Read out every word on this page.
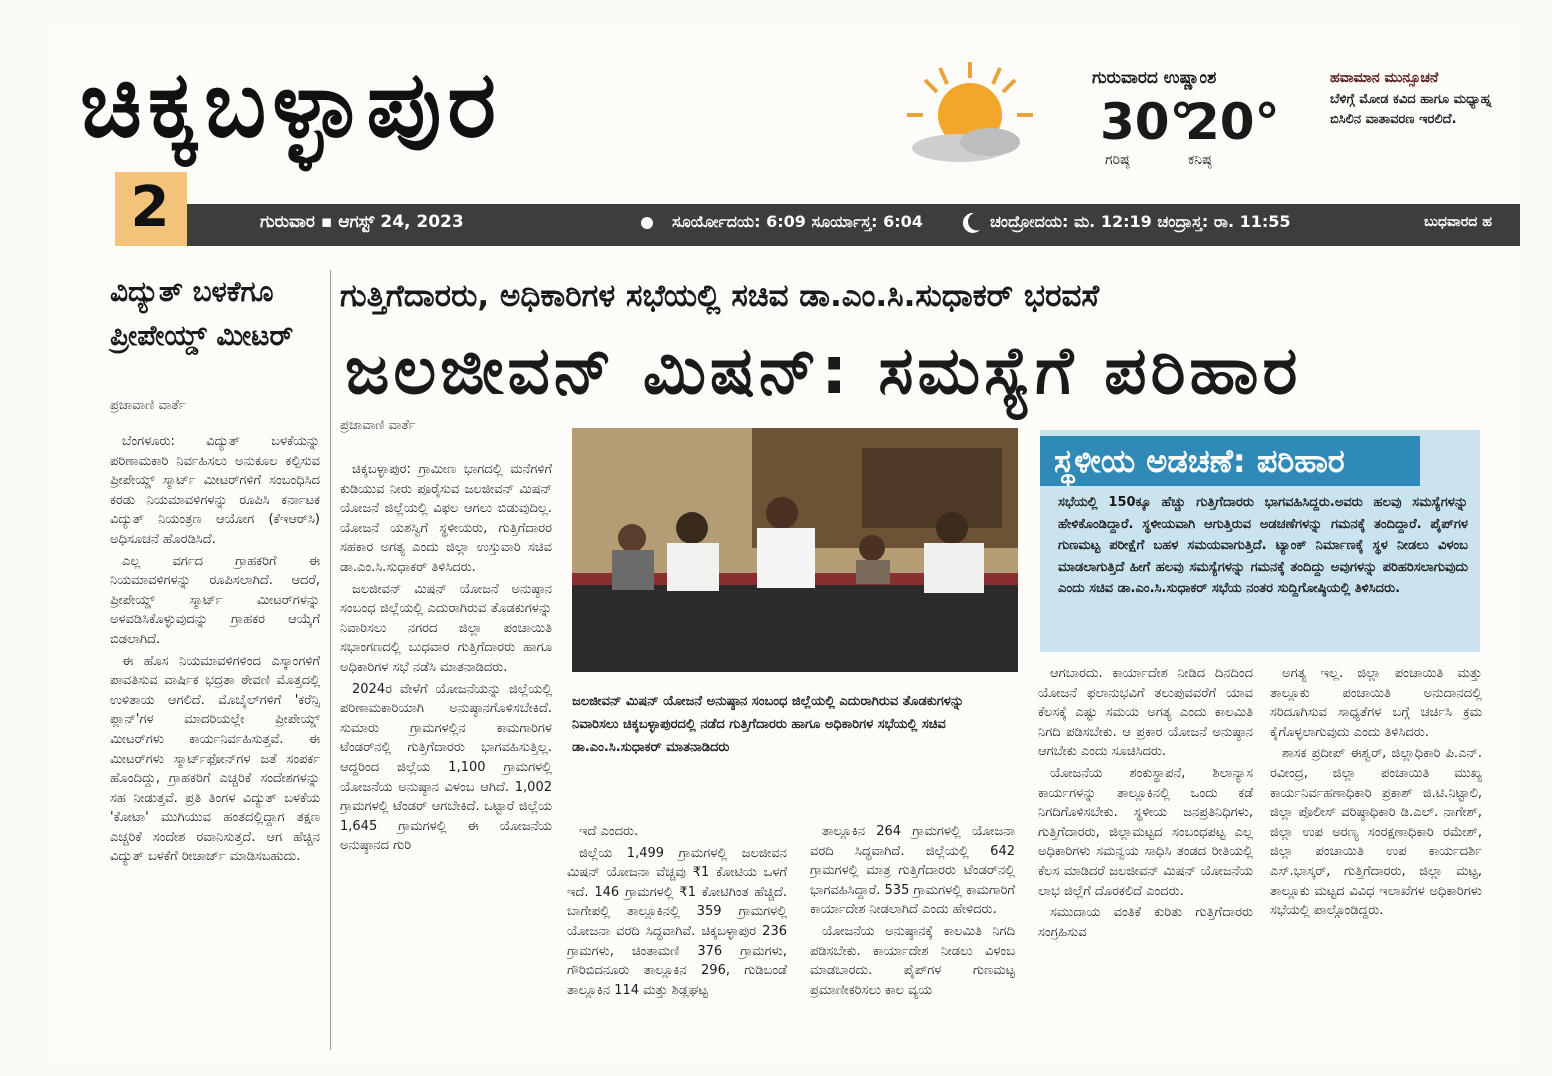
ಚಿಕ್ಕಬಳ್ಳಾಪುರ	ಗುರುವಾರದ ಉಷ್ಣಾಂಶ
30°
20°
ಗರಿಷ್ಠ	ಕನಿಷ್ಠ
ಹವಾಮಾನ ಮುನ್ಸೂಚನೆ
ಬೆಳಿಗ್ಗೆ ಮೋಡ ಕವಿದ ಹಾಗೂ ಮಧ್ಯಾಹ್ನ ಬಿಸಿಲಿನ ವಾತಾವರಣ ಇರಲಿದೆ.
2	ಗುರುವಾರ ▪ ಆಗಸ್ಟ್ 24, 2023	ಸೂರ್ಯೋದಯ: 6:09 ಸೂರ್ಯಾಸ್ತ: 6:04	ಚಂದ್ರೋದಯ: ಮ. 12:19 ಚಂದ್ರಾಸ್ತ: ರಾ. 11:55	ಬುಧವಾರದ ಹ
ವಿದ್ಯುತ್ ಬಳಕೆಗೂ ಪ್ರೀಪೇಯ್ಡ್ ಮೀಟರ್
ಪ್ರಜಾವಾಣಿ ವಾರ್ತೆ

ಬೆಂಗಳೂರು: ವಿದ್ಯುತ್ ಬಳಕೆಯನ್ನು ಪರಿಣಾಮಕಾರಿ ನಿರ್ವಹಿಸಲು ಅನುಕೂಲ ಕಲ್ಪಿಸುವ ಪ್ರೀಪೇಯ್ಡ್ ಸ್ಮಾರ್ಟ್ ಮೀಟರ್‌ಗಳಿಗೆ ಸಂಬಂಧಿಸಿದ ಕರಡು ನಿಯಮಾವಳಿಗಳನ್ನು ರೂಪಿಸಿ ಕರ್ನಾಟಕ ವಿದ್ಯುತ್ ನಿಯಂತ್ರಣ ಆಯೋಗ (ಕೆಇಆರ್‌ಸಿ) ಅಧಿಸೂಚನೆ ಹೊರಡಿಸಿದೆ.

ಎಲ್ಲ ವರ್ಗದ ಗ್ರಾಹಕರಿಗೆ ಈ ನಿಯಮಾವಳಿಗಳನ್ನು ರೂಪಿಸಲಾಗಿದೆ. ಆದರೆ, ಪ್ರೀಪೇಯ್ಡ್ ಸ್ಮಾರ್ಟ್ ಮೀಟರ್‌ಗಳನ್ನು ಅಳವಡಿಸಿಕೊಳ್ಳುವುದನ್ನು ಗ್ರಾಹಕರ ಆಯ್ಕೆಗೆ ಬಿಡಲಾಗಿದೆ.

ಈ ಹೊಸ ನಿಯಮಾವಳಿಗಳಿಂದ ಎಸ್ಕಾಂಗಳಿಗೆ ಪಾವತಿಸುವ ವಾರ್ಷಿಕ ಭದ್ರತಾ ಠೇವಣಿ ಮೊತ್ತದಲ್ಲಿ ಉಳಿತಾಯ ಆಗಲಿದೆ. ಮೊಬೈಲ್‌ಗಳಿಗೆ 'ಕರೆನ್ಸಿ ಪ್ಲಾನ್'ಗಳ ಮಾದರಿಯಲ್ಲೇ ಪ್ರೀಪೇಯ್ಡ್ ಮೀಟರ್‌ಗಳು ಕಾರ್ಯನಿರ್ವಹಿಸುತ್ತವೆ. ಈ ಮೀಟರ್‌ಗಳು ಸ್ಮಾರ್ಟ್‌ಫೋನ್‌ಗಳ ಜತೆ ಸಂಪರ್ಕ ಹೊಂದಿದ್ದು, ಗ್ರಾಹಕರಿಗೆ ಎಚ್ಚರಿಕೆ ಸಂದೇಶಗಳನ್ನು ಸಹ ನೀಡುತ್ತವೆ. ಪ್ರತಿ ತಿಂಗಳ ವಿದ್ಯುತ್ ಬಳಕೆಯ 'ಕೋಟಾ' ಮುಗಿಯುವ ಹಂತದಲ್ಲಿದ್ದಾಗ ತಕ್ಷಣ ಎಚ್ಚರಿಕೆ ಸಂದೇಶ ರವಾನಿಸುತ್ತದೆ. ಆಗ ಹೆಚ್ಚಿನ ವಿದ್ಯುತ್ ಬಳಕೆಗೆ ರೀಚಾರ್ಜ್ ಮಾಡಿಸಬಹುದು.

ಗುತ್ತಿಗೆದಾರರು, ಅಧಿಕಾರಿಗಳ ಸಭೆಯಲ್ಲಿ ಸಚಿವ ಡಾ.ಎಂ.ಸಿ.ಸುಧಾಕರ್ ಭರವಸೆ
ಜಲಜೀವನ್ ಮಿಷನ್: ಸಮಸ್ಯೆಗೆ ಪರಿಹಾರ
ಪ್ರಜಾವಾಣಿ ವಾರ್ತೆ

ಚಿಕ್ಕಬಳ್ಳಾಪುರ: ಗ್ರಾಮೀಣ ಭಾಗದಲ್ಲಿ ಮನೆಗಳಿಗೆ ಕುಡಿಯುವ ನೀರು ಪೂರೈಸುವ ಜಲಜೀವನ್ ಮಿಷನ್ ಯೋಜನೆ ಜಿಲ್ಲೆಯಲ್ಲಿ ವಿಫಲ ಆಗಲು ಬಿಡುವುದಿಲ್ಲ. ಯೋಜನೆ ಯಶಸ್ವಿಗೆ ಸ್ಥಳೀಯರು, ಗುತ್ತಿಗೆದಾರರ ಸಹಕಾರ ಅಗತ್ಯ ಎಂದು ಜಿಲ್ಲಾ ಉಸ್ತುವಾರಿ ಸಚಿವ ಡಾ.ಎಂ.ಸಿ.ಸುಧಾಕರ್ ತಿಳಿಸಿದರು.

ಜಲಜೀವನ್ ಮಿಷನ್ ಯೋಜನೆ ಅನುಷ್ಠಾನ ಸಂಬಂಧ ಜಿಲ್ಲೆಯಲ್ಲಿ ಎದುರಾಗಿರುವ ತೊಡಕುಗಳನ್ನು ನಿವಾರಿಸಲು ನಗರದ ಜಿಲ್ಲಾ ಪಂಚಾಯಿತಿ ಸಭಾಂಗಣದಲ್ಲಿ ಬುಧವಾರ ಗುತ್ತಿಗೆದಾರರು ಹಾಗೂ ಅಧಿಕಾರಿಗಳ ಸಭೆ ನಡೆಸಿ ಮಾತನಾಡಿದರು.

2024ರ ವೇಳೆಗೆ ಯೋಜನೆಯನ್ನು ಜಿಲ್ಲೆಯಲ್ಲಿ ಪರಿಣಾಮಕಾರಿಯಾಗಿ ಅನುಷ್ಠಾನಗೊಳಿಸಬೇಕಿದೆ. ಸುಮಾರು ಗ್ರಾಮಗಳಲ್ಲಿನ ಕಾಮಗಾರಿಗಳ ಟೆಂಡರ್‌ನಲ್ಲಿ ಗುತ್ತಿಗೆದಾರರು ಭಾಗವಹಿಸುತ್ತಿಲ್ಲ. ಆದ್ದರಿಂದ ಜಿಲ್ಲೆಯ 1,100 ಗ್ರಾಮಗಳಲ್ಲಿ ಯೋಜನೆಯ ಅನುಷ್ಠಾನ ವಿಳಂಬ ಆಗಿದೆ. 1,002 ಗ್ರಾಮಗಳಲ್ಲಿ ಟೆಂಡರ್ ಆಗಬೇಕಿದೆ. ಒಟ್ಟಾರೆ ಜಿಲ್ಲೆಯ 1,645 ಗ್ರಾಮಗಳಲ್ಲಿ ಈ ಯೋಜನೆಯ ಅನುಷ್ಠಾನದ ಗುರಿ

ಜಲಜೀವನ್ ಮಿಷನ್ ಯೋಜನೆ ಅನುಷ್ಠಾನ ಸಂಬಂಧ ಜಿಲ್ಲೆಯಲ್ಲಿ ಎದುರಾಗಿರುವ ತೊಡಕುಗಳನ್ನು ನಿವಾರಿಸಲು ಚಿಕ್ಕಬಳ್ಳಾಪುರದಲ್ಲಿ ನಡೆದ ಗುತ್ತಿಗೆದಾರರು ಹಾಗೂ ಅಧಿಕಾರಿಗಳ ಸಭೆಯಲ್ಲಿ ಸಚಿವ ಡಾ.ಎಂ.ಸಿ.ಸುಧಾಕರ್ ಮಾತನಾಡಿದರು

ಇದೆ ಎಂದರು.

ಜಿಲ್ಲೆಯ 1,499 ಗ್ರಾಮಗಳಲ್ಲಿ ಜಲಜೀವನ ಮಿಷನ್ ಯೋಜನಾ ವೆಚ್ಚವು ₹1 ಕೋಟಿಯ ಒಳಗೆ ಇದೆ. 146 ಗ್ರಾಮಗಳಲ್ಲಿ ₹1 ಕೋಟಿಗಿಂತ ಹೆಚ್ಚಿದೆ. ಬಾಗೇಪಲ್ಲಿ ತಾಲ್ಲೂಕಿನಲ್ಲಿ 359 ಗ್ರಾಮಗಳಲ್ಲಿ ಯೋಜನಾ ವರದಿ ಸಿದ್ಧವಾಗಿವೆ. ಚಿಕ್ಕಬಳ್ಳಾಪುರ 236 ಗ್ರಾಮಗಳು, ಚಿಂತಾಮಣಿ 376 ಗ್ರಾಮಗಳು, ಗೌರಿಬಿದನೂರು ತಾಲ್ಲೂಕಿನ 296, ಗುಡಿಬಂಡೆ ತಾಲ್ಲೂಕಿನ 114 ಮತ್ತು ಶಿಡ್ಲಘಟ್ಟ

ತಾಲ್ಲೂಕಿನ 264 ಗ್ರಾಮಗಳಲ್ಲಿ ಯೋಜನಾ ವರದಿ ಸಿದ್ಧವಾಗಿದೆ. ಜಿಲ್ಲೆಯಲ್ಲಿ 642 ಗ್ರಾಮಗಳಲ್ಲಿ ಮಾತ್ರ ಗುತ್ತಿಗೆದಾರರು ಟೆಂಡರ್‌ನಲ್ಲಿ ಭಾಗವಹಿಸಿದ್ದಾರೆ. 535 ಗ್ರಾಮಗಳಲ್ಲಿ ಕಾಮಗಾರಿಗೆ ಕಾರ್ಯಾದೇಶ ನೀಡಲಾಗಿದೆ ಎಂದು ಹೇಳಿದರು.

ಯೋಜನೆಯ ಅನುಷ್ಠಾನಕ್ಕೆ ಕಾಲಮಿತಿ ನಿಗದಿ ಪಡಿಸಬೇಕು. ಕಾರ್ಯಾದೇಶ ನೀಡಲು ವಿಳಂಬ ಮಾಡಬಾರದು. ಪೈಪ್‌ಗಳ ಗುಣಮಟ್ಟ ಪ್ರಮಾಣೀಕರಿಸಲು ಕಾಲ ವ್ಯಯ

ಸ್ಥಳೀಯ ಅಡಚಣೆ: ಪರಿಹಾರ
ಸಭೆಯಲ್ಲಿ 150ಕ್ಕೂ ಹೆಚ್ಚು ಗುತ್ತಿಗೆದಾರರು ಭಾಗವಹಿಸಿದ್ದರು.ಅವರು ಹಲವು ಸಮಸ್ಯೆಗಳನ್ನು ಹೇಳಿಕೊಂಡಿದ್ದಾರೆ. ಸ್ಥಳೀಯವಾಗಿ ಆಗುತ್ತಿರುವ ಅಡಚಣೆಗಳನ್ನು ಗಮನಕ್ಕೆ ತಂದಿದ್ದಾರೆ. ಪೈಪ್‌ಗಳ ಗುಣಮಟ್ಟ ಪರೀಕ್ಷೆಗೆ ಬಹಳ ಸಮಯವಾಗುತ್ತಿದೆ. ಟ್ಯಾಂಕ್ ನಿರ್ಮಾಣಕ್ಕೆ ಸ್ಥಳ ನೀಡಲು ವಿಳಂಬ ಮಾಡಲಾಗುತ್ತಿದೆ ಹೀಗೆ ಹಲವು ಸಮಸ್ಯೆಗಳನ್ನು ಗಮನಕ್ಕೆ ತಂದಿದ್ದು ಅವುಗಳನ್ನು ಪರಿಹರಿಸಲಾಗುವುದು ಎಂದು ಸಚಿವ ಡಾ.ಎಂ.ಸಿ.ಸುಧಾಕರ್ ಸಭೆಯ ನಂತರ ಸುದ್ದಿಗೋಷ್ಠಿಯಲ್ಲಿ ತಿಳಿಸಿದರು.

ಆಗಬಾರದು. ಕಾರ್ಯಾದೇಶ ನೀಡಿದ ದಿನದಿಂದ ಯೋಜನೆ ಫಲಾನುಭವಿಗೆ ತಲುಪುವವರೆಗೆ ಯಾವ ಕೆಲಸಕ್ಕೆ ಎಷ್ಟು ಸಮಯ ಅಗತ್ಯ ಎಂದು ಕಾಲಮಿತಿ ನಿಗದಿ ಪಡಿಸಬೇಕು. ಆ ಪ್ರಕಾರ ಯೋಜನೆ ಅನುಷ್ಠಾನ ಆಗಬೇಕು ಎಂದು ಸೂಚಿಸಿದರು.

ಯೋಜನೆಯ ಶಂಕುಸ್ಥಾಪನೆ, ಶಿಲಾನ್ಯಾಸ ಕಾರ್ಯಗಳನ್ನು ತಾಲ್ಲೂಕಿನಲ್ಲಿ ಒಂದು ಕಡೆ ನಿಗದಿಗೊಳಿಸಬೇಕು. ಸ್ಥಳೀಯ ಜನಪ್ರತಿನಿಧಿಗಳು, ಗುತ್ತಿಗೆದಾರರು, ಜಿಲ್ಲಾಮಟ್ಟದ ಸಂಬಂಧಪಟ್ಟ ಎಲ್ಲ ಅಧಿಕಾರಿಗಳು ಸಮನ್ವಯ ಸಾಧಿಸಿ ತಂಡದ ರೀತಿಯಲ್ಲಿ ಕೆಲಸ ಮಾಡಿದರೆ ಜಲಜೀವನ್ ಮಿಷನ್ ಯೋಜನೆಯ ಲಾಭ ಜಿಲ್ಲೆಗೆ ದೊರಕಲಿದೆ ಎಂದರು.

ಸಮುದಾಯ ವಂತಿಕೆ ಕುರಿತು ಗುತ್ತಿಗೆದಾರರು ಸಂಗ್ರಹಿಸುವ

ಅಗತ್ಯ ಇಲ್ಲ. ಜಿಲ್ಲಾ ಪಂಚಾಯಿತಿ ಮತ್ತು ತಾಲ್ಲೂಕು ಪಂಚಾಯಿತಿ ಅನುದಾನದಲ್ಲಿ ಸರಿದೂಗಿಸುವ ಸಾಧ್ಯತೆಗಳ ಬಗ್ಗೆ ಚರ್ಚಿಸಿ ಕ್ರಮ ಕೈಗೊಳ್ಳಲಾಗುವುದು ಎಂದು ತಿಳಿಸಿದರು.

ಶಾಸಕ ಪ್ರದೀಪ್ ಈಶ್ವರ್, ಜಿಲ್ಲಾಧಿಕಾರಿ ಪಿ.ಎನ್. ರವೀಂದ್ರ, ಜಿಲ್ಲಾ ಪಂಚಾಯಿತಿ ಮುಖ್ಯ ಕಾರ್ಯನಿರ್ವಹಣಾಧಿಕಾರಿ ಪ್ರಕಾಶ್ ಜಿ.ಟಿ.ನಿಟ್ಟಾಲಿ, ಜಿಲ್ಲಾ ಪೊಲೀಸ್ ವರಿಷ್ಠಾಧಿಕಾರಿ ಡಿ.ಎಲ್. ನಾಗೇಶ್, ಜಿಲ್ಲಾ ಉಪ ಅರಣ್ಯ ಸಂರಕ್ಷಣಾಧಿಕಾರಿ ರಮೇಶ್, ಜಿಲ್ಲಾ ಪಂಚಾಯಿತಿ ಉಪ ಕಾರ್ಯದರ್ಶಿ ಎಸ್.ಭಾಸ್ಕರ್, ಗುತ್ತಿಗೆದಾರರು, ಜಿಲ್ಲಾ ಮಟ್ಟ, ತಾಲ್ಲೂಕು ಮಟ್ಟದ ವಿವಿಧ ಇಲಾಖೆಗಳ ಅಧಿಕಾರಿಗಳು ಸಭೆಯಲ್ಲಿ ಪಾಲ್ಗೊಂಡಿದ್ದರು.
